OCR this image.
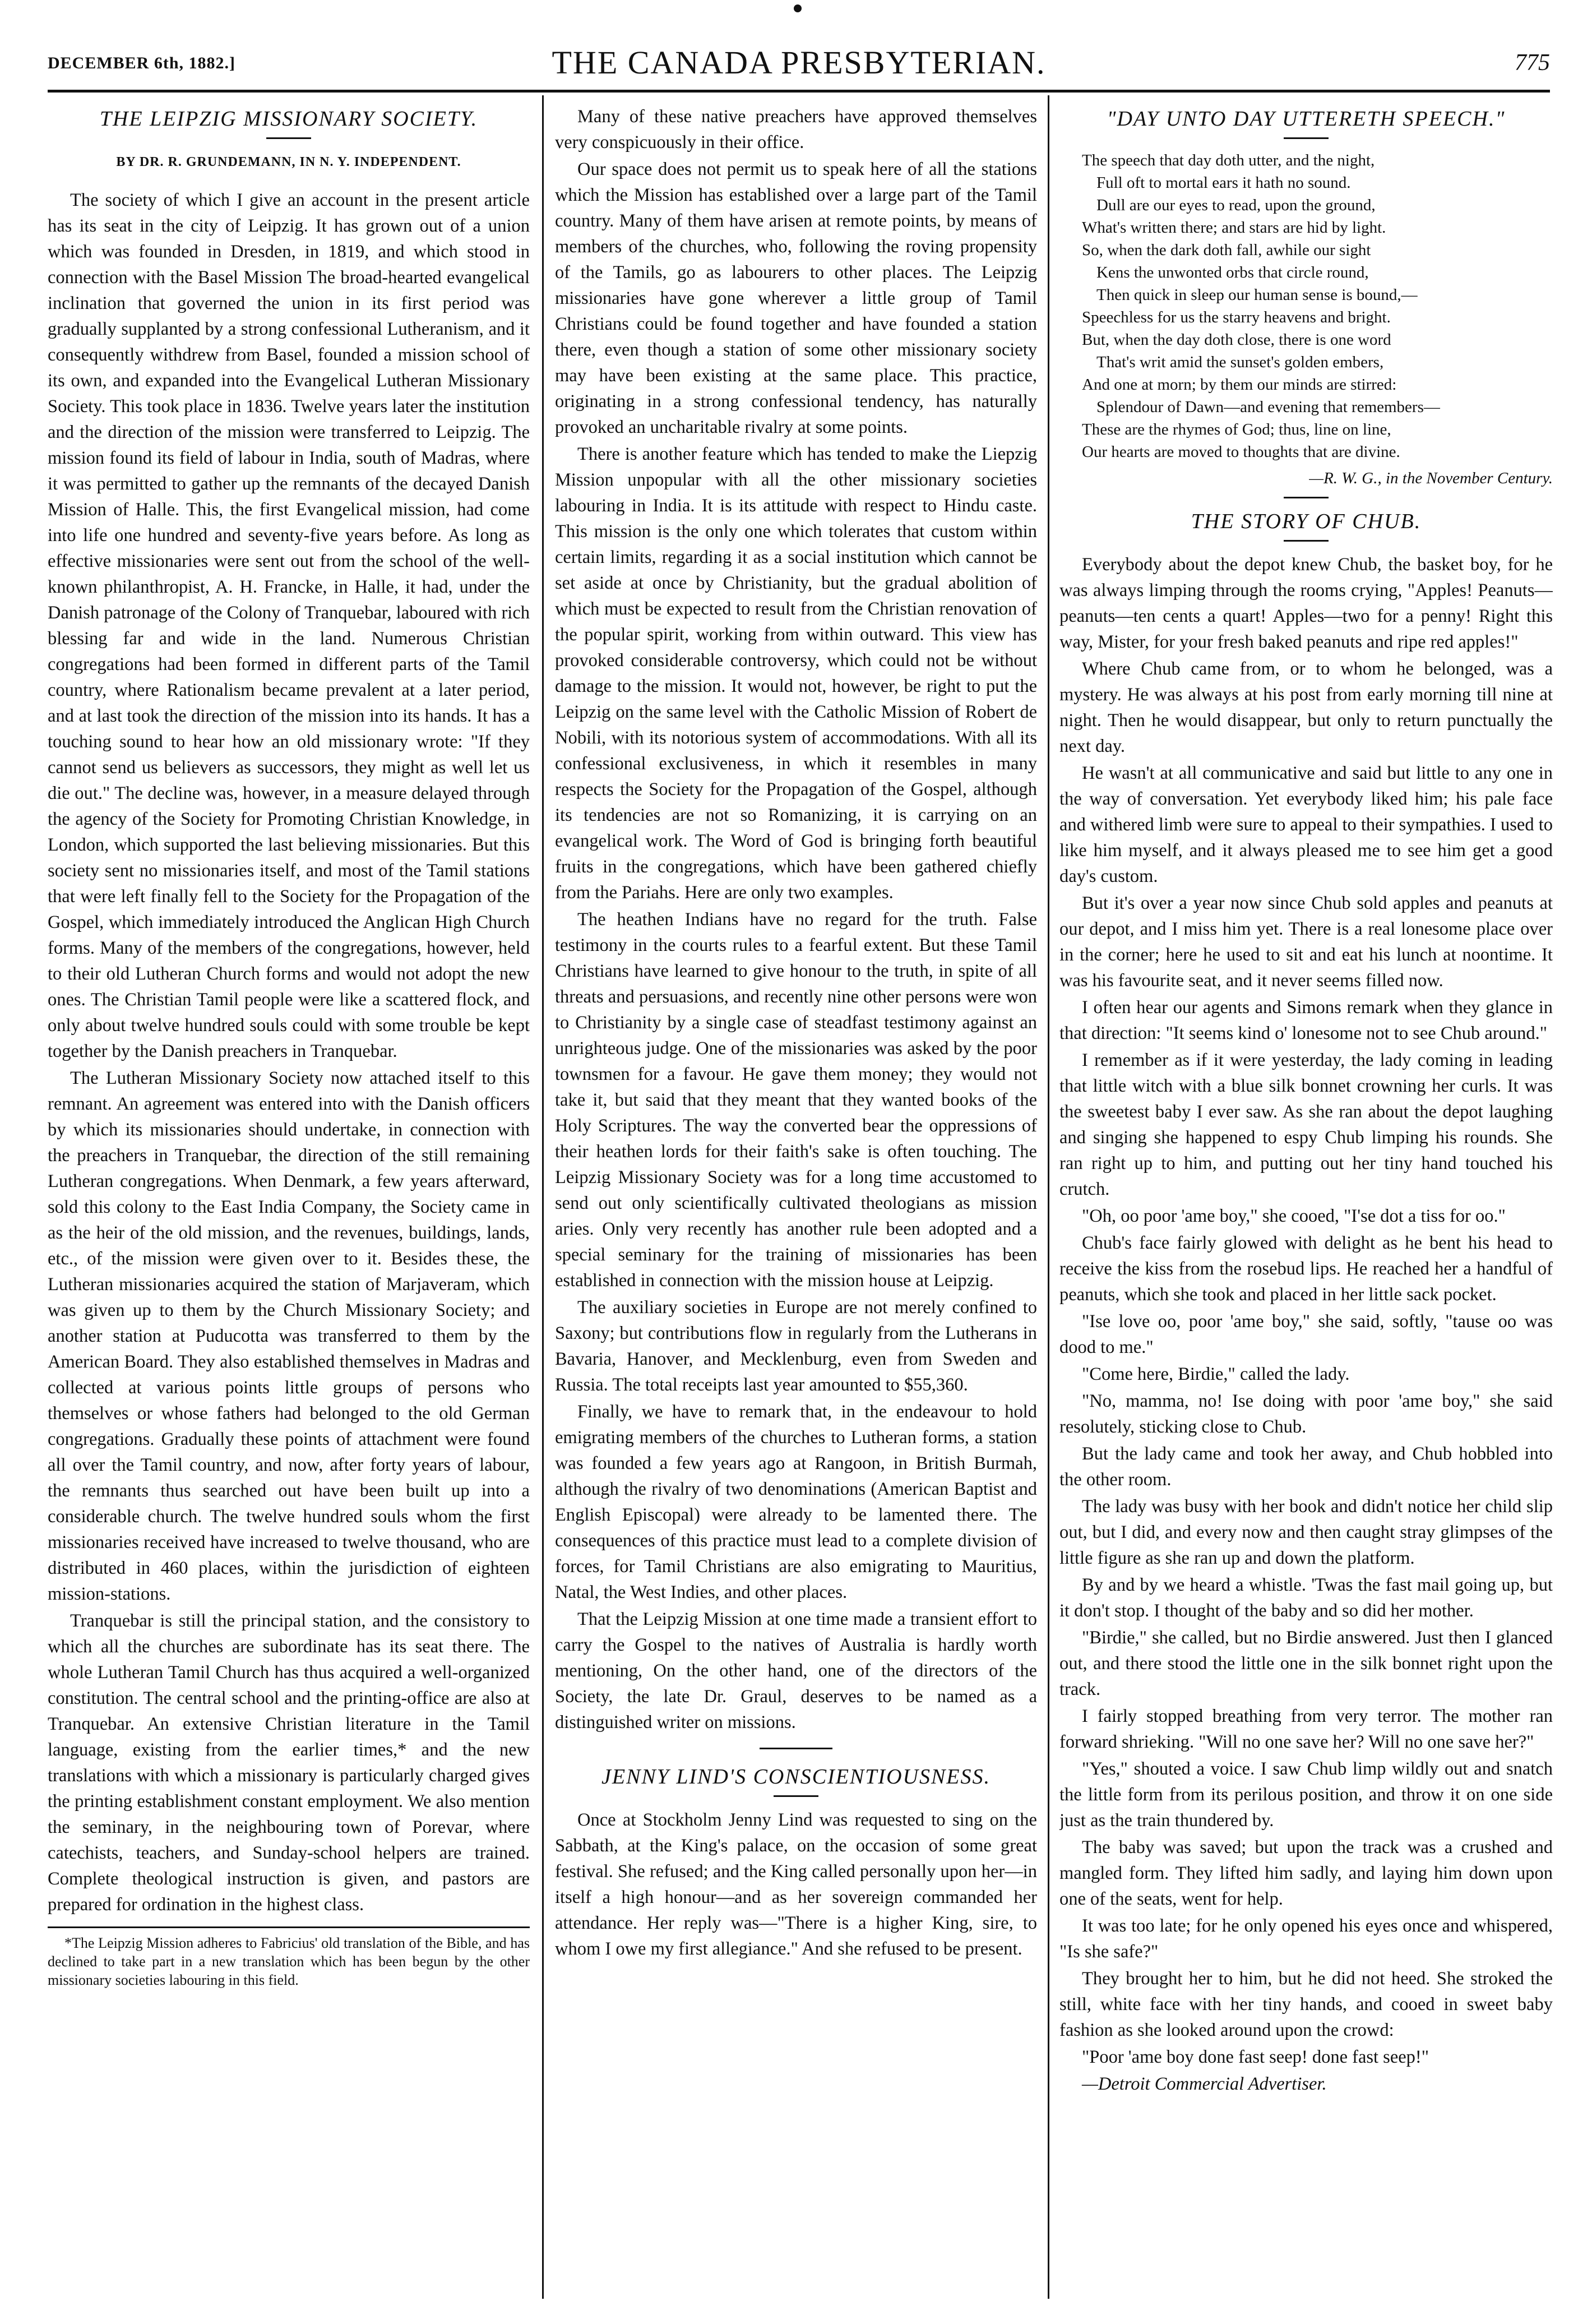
DECEMBER 6th, 1882.]	THE CANADA PRESBYTERIAN.	775

THE LEIPZIG MISSIONARY SOCIETY.

BY DR. R. GRUNDEMANN, IN N. Y. INDEPENDENT.

The society of which I give an account in the present article has its seat in the city of Leipzig. It has grown out of a union which was founded in Dresden, in 1819, and which stood in connection with the Basel Mission The broad-hearted evangelical inclination that governed the union in its first period was gradually supplanted by a strong confessional Lutheranism, and it consequently withdrew from Basel, founded a mission school of its own, and expanded into the Evangelical Lutheran Missionary Society. This took place in 1836. Twelve years later the institution and the direction of the mission were transferred to Leipzig. The mission found its field of labour in India, south of Madras, where it was permitted to gather up the remnants of the decayed Danish Mission of Halle. This, the first Evangelical mission, had come into life one hundred and seventy-five years before. As long as effective missionaries were sent out from the school of the well-known philanthropist, A. H. Francke, in Halle, it had, under the Danish patronage of the Colony of Tranquebar, laboured with rich blessing far and wide in the land. Numerous Christian congregations had been formed in different parts of the Tamil country, where Rationalism became prevalent at a later period, and at last took the direction of the mission into its hands. It has a touching sound to hear how an old missionary wrote: "If they cannot send us believers as successors, they might as well let us die out." The decline was, however, in a measure delayed through the agency of the Society for Promoting Christian Knowledge, in London, which supported the last believing missionaries. But this society sent no missionaries itself, and most of the Tamil stations that were left finally fell to the Society for the Propagation of the Gospel, which immediately introduced the Anglican High Church forms. Many of the members of the congregations, however, held to their old Lutheran Church forms and would not adopt the new ones. The Christian Tamil people were like a scattered flock, and only about twelve hundred souls could with some trouble be kept together by the Danish preachers in Tranquebar.

The Lutheran Missionary Society now attached itself to this remnant. An agreement was entered into with the Danish officers by which its missionaries should undertake, in connection with the preachers in Tranquebar, the direction of the still remaining Lutheran congregations. When Denmark, a few years afterward, sold this colony to the East India Company, the Society came in as the heir of the old mission, and the revenues, buildings, lands, etc., of the mission were given over to it. Besides these, the Lutheran missionaries acquired the station of Marjaveram, which was given up to them by the Church Missionary Society; and another station at Puducotta was transferred to them by the American Board. They also established themselves in Madras and collected at various points little groups of persons who themselves or whose fathers had belonged to the old German congregations. Gradually these points of attachment were found all over the Tamil country, and now, after forty years of labour, the remnants thus searched out have been built up into a considerable church. The twelve hundred souls whom the first missionaries received have increased to twelve thousand, who are distributed in 460 places, within the jurisdiction of eighteen mission-stations.

Tranquebar is still the principal station, and the consistory to which all the churches are subordinate has its seat there. The whole Lutheran Tamil Church has thus acquired a well-organized constitution. The central school and the printing-office are also at Tranquebar. An extensive Christian literature in the Tamil language, existing from the earlier times,* and the new translations with which a missionary is particularly charged gives the printing establishment constant employment. We also mention the seminary, in the neighbouring town of Porevar, where catechists, teachers, and Sunday-school helpers are trained. Complete theological instruction is given, and pastors are prepared for ordination in the highest class.

*The Leipzig Mission adheres to Fabricius' old translation of the Bible, and has declined to take part in a new translation which has been begun by the other missionary societies labouring in this field.

Many of these native preachers have approved themselves very conspicuously in their office.

Our space does not permit us to speak here of all the stations which the Mission has established over a large part of the Tamil country. Many of them have arisen at remote points, by means of members of the churches, who, following the roving propensity of the Tamils, go as labourers to other places. The Leipzig missionaries have gone wherever a little group of Tamil Christians could be found together and have founded a station there, even though a station of some other missionary society may have been existing at the same place. This practice, originating in a strong confessional tendency, has naturally provoked an uncharitable rivalry at some points.

There is another feature which has tended to make the Liepzig Mission unpopular with all the other missionary societies labouring in India. It is its attitude with respect to Hindu caste. This mission is the only one which tolerates that custom within certain limits, regarding it as a social institution which cannot be set aside at once by Christianity, but the gradual abolition of which must be expected to result from the Christian renovation of the popular spirit, working from within outward. This view has provoked considerable controversy, which could not be without damage to the mission. It would not, however, be right to put the Leipzig on the same level with the Catholic Mission of Robert de Nobili, with its notorious system of accommodations. With all its confessional exclusiveness, in which it resembles in many respects the Society for the Propagation of the Gospel, although its tendencies are not so Romanizing, it is carrying on an evangelical work. The Word of God is bringing forth beautiful fruits in the congregations, which have been gathered chiefly from the Pariahs. Here are only two examples.

The heathen Indians have no regard for the truth. False testimony in the courts rules to a fearful extent. But these Tamil Christians have learned to give honour to the truth, in spite of all threats and persuasions, and recently nine other persons were won to Christianity by a single case of steadfast testimony against an unrighteous judge. One of the missionaries was asked by the poor townsmen for a favour. He gave them money; they would not take it, but said that they meant that they wanted books of the Holy Scriptures. The way the converted bear the oppressions of their heathen lords for their faith's sake is often touching. The Leipzig Missionary Society was for a long time accustomed to send out only scientifically cultivated theologians as mission aries. Only very recently has another rule been adopted and a special seminary for the training of missionaries has been established in connection with the mission house at Leipzig.

The auxiliary societies in Europe are not merely confined to Saxony; but contributions flow in regularly from the Lutherans in Bavaria, Hanover, and Mecklenburg, even from Sweden and Russia. The total receipts last year amounted to $55,360.

Finally, we have to remark that, in the endeavour to hold emigrating members of the churches to Lutheran forms, a station was founded a few years ago at Rangoon, in British Burmah, although the rivalry of two denominations (American Baptist and English Episcopal) were already to be lamented there. The consequences of this practice must lead to a complete division of forces, for Tamil Christians are also emigrating to Mauritius, Natal, the West Indies, and other places.

That the Leipzig Mission at one time made a transient effort to carry the Gospel to the natives of Australia is hardly worth mentioning, On the other hand, one of the directors of the Society, the late Dr. Graul, deserves to be named as a distinguished writer on missions.

JENNY LIND'S CONSCIENTIOUSNESS.

Once at Stockholm Jenny Lind was requested to sing on the Sabbath, at the King's palace, on the occasion of some great festival. She refused; and the King called personally upon her—in itself a high honour—and as her sovereign commanded her attendance. Her reply was—"There is a higher King, sire, to whom I owe my first allegiance." And she refused to be present.

"DAY UNTO DAY UTTERETH SPEECH."

The speech that day doth utter, and the night,
Full oft to mortal ears it hath no sound.
Dull are our eyes to read, upon the ground,
What's written there; and stars are hid by light.
So, when the dark doth fall, awhile our sight
Kens the unwonted orbs that circle round,
Then quick in sleep our human sense is bound,—
Speechless for us the starry heavens and bright.
But, when the day doth close, there is one word
That's writ amid the sunset's golden embers,
And one at morn; by them our minds are stirred:
Splendour of Dawn—and evening that remembers—
These are the rhymes of God; thus, line on line,
Our hearts are moved to thoughts that are divine.

—R. W. G., in the November Century.

THE STORY OF CHUB.

Everybody about the depot knew Chub, the basket boy, for he was always limping through the rooms crying, "Apples! Peanuts—peanuts—ten cents a quart! Apples—two for a penny! Right this way, Mister, for your fresh baked peanuts and ripe red apples!"

Where Chub came from, or to whom he belonged, was a mystery. He was always at his post from early morning till nine at night. Then he would disappear, but only to return punctually the next day.

He wasn't at all communicative and said but little to any one in the way of conversation. Yet everybody liked him; his pale face and withered limb were sure to appeal to their sympathies. I used to like him myself, and it always pleased me to see him get a good day's custom.

But it's over a year now since Chub sold apples and peanuts at our depot, and I miss him yet. There is a real lonesome place over in the corner; here he used to sit and eat his lunch at noontime. It was his favourite seat, and it never seems filled now.

I often hear our agents and Simons remark when they glance in that direction: "It seems kind o' lonesome not to see Chub around."

I remember as if it were yesterday, the lady coming in leading that little witch with a blue silk bonnet crowning her curls. It was the sweetest baby I ever saw. As she ran about the depot laughing and singing she happened to espy Chub limping his rounds. She ran right up to him, and putting out her tiny hand touched his crutch.

"Oh, oo poor 'ame boy," she cooed, "I'se dot a tiss for oo."

Chub's face fairly glowed with delight as he bent his head to receive the kiss from the rosebud lips. He reached her a handful of peanuts, which she took and placed in her little sack pocket.

"Ise love oo, poor 'ame boy," she said, softly, "tause oo was dood to me."

"Come here, Birdie," called the lady.

"No, mamma, no! Ise doing with poor 'ame boy," she said resolutely, sticking close to Chub.

But the lady came and took her away, and Chub hobbled into the other room.

The lady was busy with her book and didn't notice her child slip out, but I did, and every now and then caught stray glimpses of the little figure as she ran up and down the platform.

By and by we heard a whistle. 'Twas the fast mail going up, but it don't stop. I thought of the baby and so did her mother.

"Birdie," she called, but no Birdie answered. Just then I glanced out, and there stood the little one in the silk bonnet right upon the track.

I fairly stopped breathing from very terror. The mother ran forward shrieking. "Will no one save her? Will no one save her?"

"Yes," shouted a voice. I saw Chub limp wildly out and snatch the little form from its perilous position, and throw it on one side just as the train thundered by.

The baby was saved; but upon the track was a crushed and mangled form. They lifted him sadly, and laying him down upon one of the seats, went for help.

It was too late; for he only opened his eyes once and whispered, "Is she safe?"

They brought her to him, but he did not heed. She stroked the still, white face with her tiny hands, and cooed in sweet baby fashion as she looked around upon the crowd:

"Poor 'ame boy done fast seep! done fast seep!"

—Detroit Commercial Advertiser.
